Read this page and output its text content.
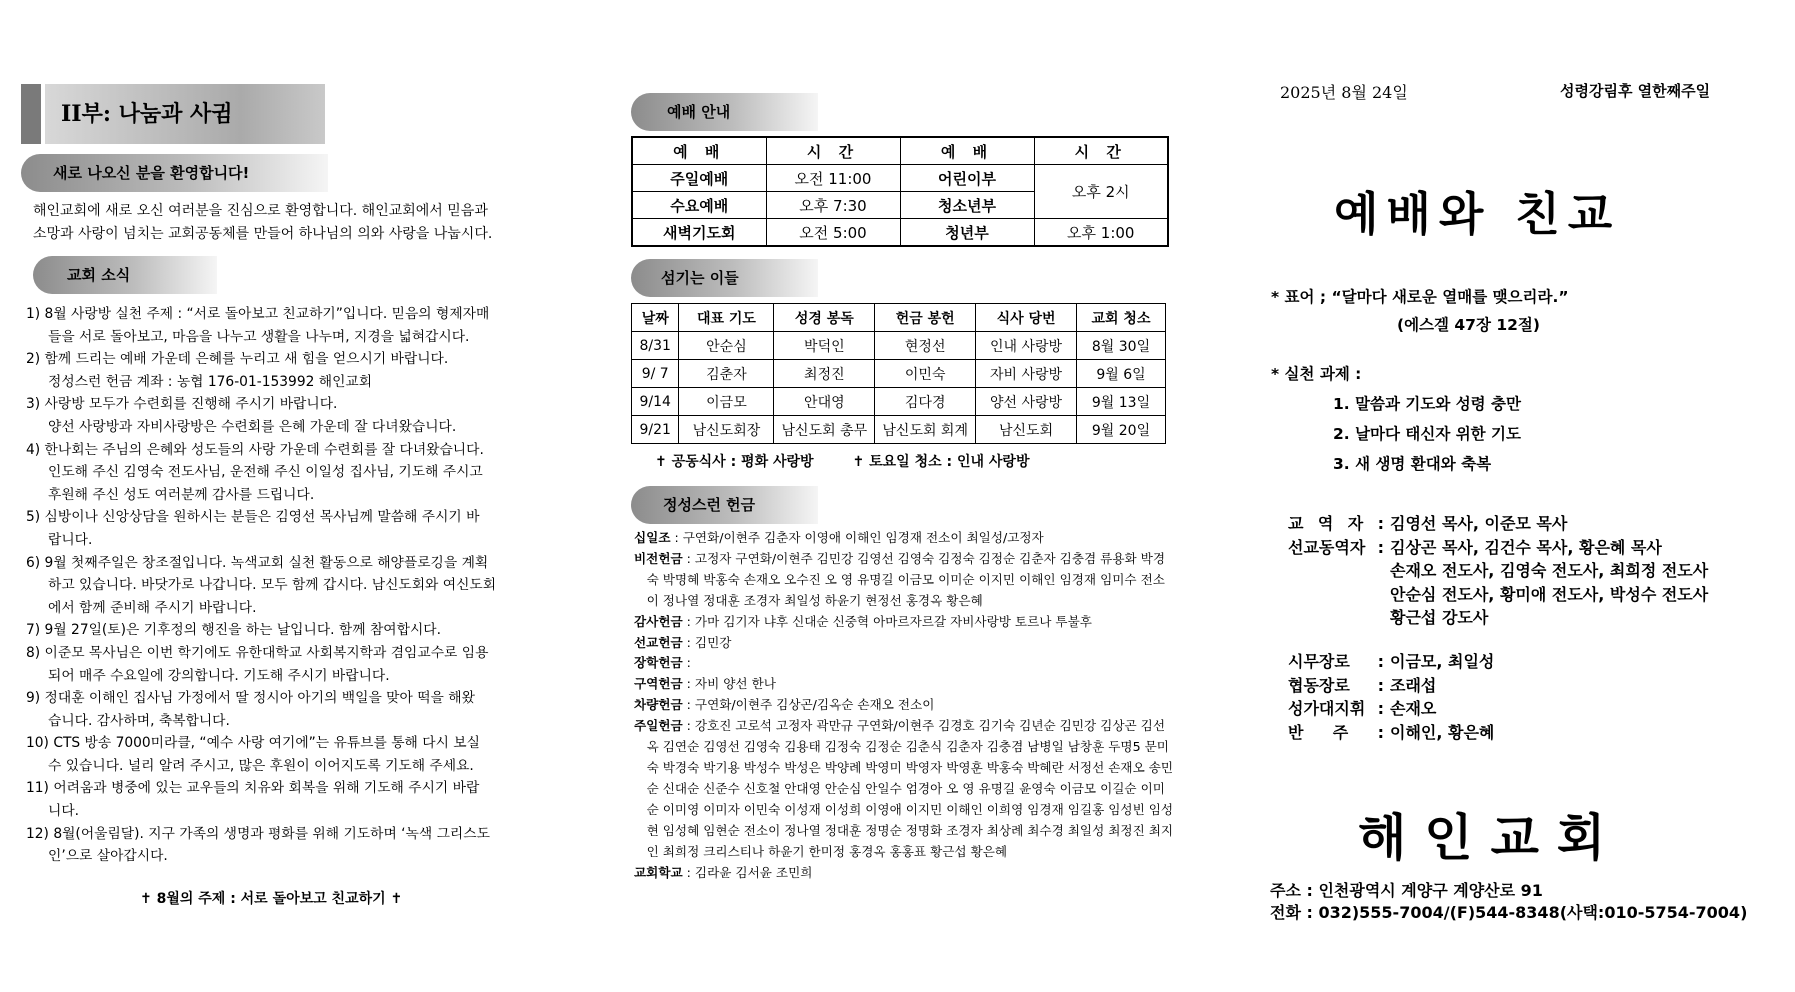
II부: 나눔과 사귐
새로 나오신 분을 환영합니다!
해인교회에 새로 오신 여러분을 진심으로 환영합니다. 해인교회에서 믿음과
소망과 사랑이 넘치는 교회공동체를 만들어 하나님의 의와 사랑을 나눕시다.
교회 소식
1) 8월 사랑방 실천 주제 : “서로 돌아보고 친교하기”입니다. 믿음의 형제자매
들을 서로 돌아보고, 마음을 나누고 생활을 나누며, 지경을 넓혀갑시다.
2) 함께 드리는 예배 가운데 은혜를 누리고 새 힘을 얻으시기 바랍니다.
정성스런 헌금 계좌 : 농협 176-01-153992 해인교회
3) 사랑방 모두가 수련회를 진행해 주시기 바랍니다.
양선 사랑방과 자비사랑방은 수련회를 은혜 가운데 잘 다녀왔습니다.
4) 한나회는 주님의 은혜와 성도들의 사랑 가운데 수련회를 잘 다녀왔습니다.
인도해 주신 김영숙 전도사님, 운전해 주신 이일성 집사님, 기도해 주시고
후원해 주신 성도 여러분께 감사를 드립니다.
5) 심방이나 신앙상담을 원하시는 분들은 김영선 목사님께 말씀해 주시기 바
랍니다.
6) 9월 첫째주일은 창조절입니다. 녹색교회 실천 활동으로 해양플로깅을 계획
하고 있습니다. 바닷가로 나갑니다. 모두 함께 갑시다. 남신도회와 여신도회
에서 함께 준비해 주시기 바랍니다.
7) 9월 27일(토)은 기후정의 행진을 하는 날입니다. 함께 참여합시다.
8) 이준모 목사님은 이번 학기에도 유한대학교 사회복지학과 겸임교수로 임용
되어 매주 수요일에 강의합니다. 기도해 주시기 바랍니다.
9) 정대훈 이해인 집사님 가정에서 딸 정시아 아기의 백일을 맞아 떡을 해왔
습니다. 감사하며, 축복합니다.
10) CTS 방송 7000미라클, “예수 사랑 여기에”는 유튜브를 통해 다시 보실
수 있습니다. 널리 알려 주시고, 많은 후원이 이어지도록 기도해 주세요.
11) 어려움과 병중에 있는 교우들의 치유와 회복을 위해 기도해 주시기 바랍
니다.
12) 8월(어울림달). 지구 가족의 생명과 평화를 위해 기도하며 ‘녹색 그리스도
인’으로 살아갑시다.
✝ 8월의 주제 : 서로 돌아보고 친교하기 ✝
예배 안내
예 배	시 간	예 배	시 간
주일예배	오전 11:00	어린이부	오후 2시
수요예배	오후 7:30	청소년부	
새벽기도회	오전 5:00	청년부	오후 1:00
섬기는 이들
날짜	대표 기도	성경 봉독	헌금 봉헌	식사 당번	교회 청소
8/31	안순심	박덕인	현정선	인내 사랑방	8월 30일
9/ 7	김춘자	최정진	이민숙	자비 사랑방	9월 6일
9/14	이금모	안대영	김다경	양선 사랑방	9월 13일
9/21	남신도회장	남신도회 총무	남신도회 회계	남신도회	9월 20일
✝ 공동식사 : 평화 사랑방        ✝ 토요일 청소 : 인내 사랑방
정성스런 헌금
십일조 : 구연화/이현주 김춘자 이영애 이해인 임경재 전소이 최일성/고정자
비전헌금 : 고정자 구연화/이현주 김민강 김영선 김영숙 김정숙 김정순 김춘자 김충겸 류용화 박경숙 박명혜 박홍숙 손재오 오수진 오 영 유명길 이금모 이미순 이지민 이해인 임경재 임미수 전소이 정나열 정대훈 조경자 최일성 하윤기 현정선 홍경옥 황은혜
감사헌금 : 가마 김기자 냐후 신대순 신중혁 아마르자르갈 자비사랑방 토르나 투불후
선교헌금 : 김민강
장학헌금 :
구역헌금 : 자비 양선 한나
차량헌금 : 구연화/이현주 김상곤/김옥순 손재오 전소이
주일헌금 : 강호진 고로석 고정자 곽만규 구연화/이현주 김경호 김기숙 김년순 김민강 김상곤 김선옥 김연순 김영선 김영숙 김용태 김정숙 김정순 김춘식 김춘자 김충겸 남병일 남창훈 두명5 문미숙 박경숙 박기용 박성수 박성은 박양례 박영미 박영자 박영훈 박홍숙 박혜란 서정선 손재오 송민순 신대순 신준수 신호철 안대영 안순심 안일수 엄경아 오 영 유명길 윤영숙 이금모 이길순 이미순 이미영 이미자 이민숙 이성재 이성희 이영애 이지민 이해인 이희영 임경재 임길홍 임성빈 임성현 임성혜 임현순 전소이 정나열 정대훈 정명순 정명화 조경자 최상례 최수경 최일성 최정진 최지인 최희정 크리스티나 하윤기 한미정 홍경옥 홍홍표 황근섭 황은혜
교회학교 : 김라윤 김서윤 조민희
2025년 8월 24일	성령강림후 열한째주일
예배와 친교
* 표어 ; “달마다 새로운 열매를 맺으리라.”
(에스겔 47장 12절)
* 실천 과제 :
1. 말씀과 기도와 성령 충만
2. 날마다 태신자 위한 기도
3. 새 생명 환대와 축복
교 역 자 : 김영선 목사, 이준모 목사
선교동역자 : 김상곤 목사, 김건수 목사, 황은혜 목사
손재오 전도사, 김영숙 전도사, 최희정 전도사
안순심 전도사, 황미애 전도사, 박성수 전도사
황근섭 강도사
시무장로 : 이금모, 최일성
협동장로 : 조래섭
성가대지휘 : 손재오
반 주 : 이해인, 황은혜
해인교회
주소 : 인천광역시 계양구 계양산로 91
전화 : 032)555-7004/(F)544-8348(사택:010-5754-7004)
